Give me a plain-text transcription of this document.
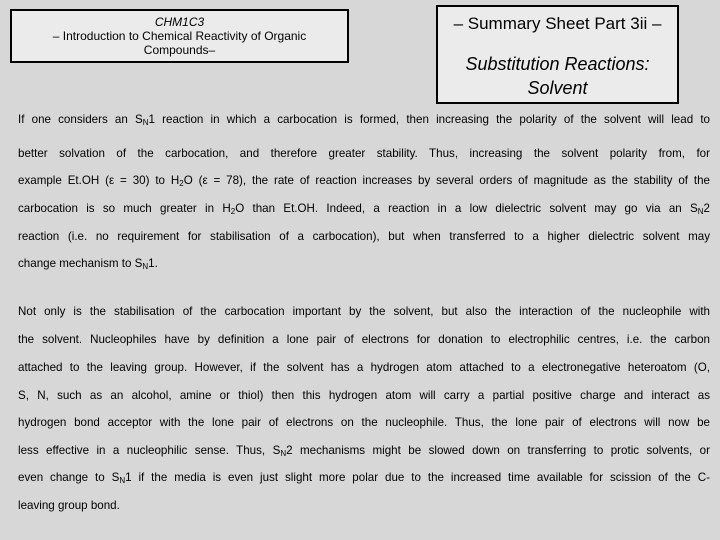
CHM1C3
– Introduction to Chemical Reactivity of Organic
Compounds–
– Summary Sheet Part 3ii –
Substitution Reactions:
Solvent
If one considers an $S_N1$ reaction in which a carbocation is formed, then increasing the polarity of the solvent will lead to
better solvation of the carbocation, and therefore greater stability. Thus, increasing the solvent polarity from, for
example Et.OH (ε = 30) to $H_2O$ (ε = 78), the rate of reaction increases by several orders of magnitude as the stability of the
carbocation is so much greater in $H_2O$ than Et.OH. Indeed, a reaction in a low dielectric solvent may go via an $S_N2$
reaction (i.e. no requirement for stabilisation of a carbocation), but when transferred to a higher dielectric solvent may
change mechanism to $S_N1$.
Not only is the stabilisation of the carbocation important by the solvent, but also the interaction of the nucleophile with
the solvent. Nucleophiles have by definition a lone pair of electrons for donation to electrophilic centres, i.e. the carbon
attached to the leaving group. However, if the solvent has a hydrogen atom attached to a electronegative heteroatom (O,
S, N, such as an alcohol, amine or thiol) then this hydrogen atom will carry a partial positive charge and interact as
hydrogen bond acceptor with the lone pair of electrons on the nucleophile. Thus, the lone pair of electrons will now be
less effective in a nucleophilic sense. Thus, $S_N2$ mechanisms might be slowed down on transferring to protic solvents, or
even change to $S_N1$ if the media is even just slight more polar due to the increased time available for scission of the C-
leaving group bond.
